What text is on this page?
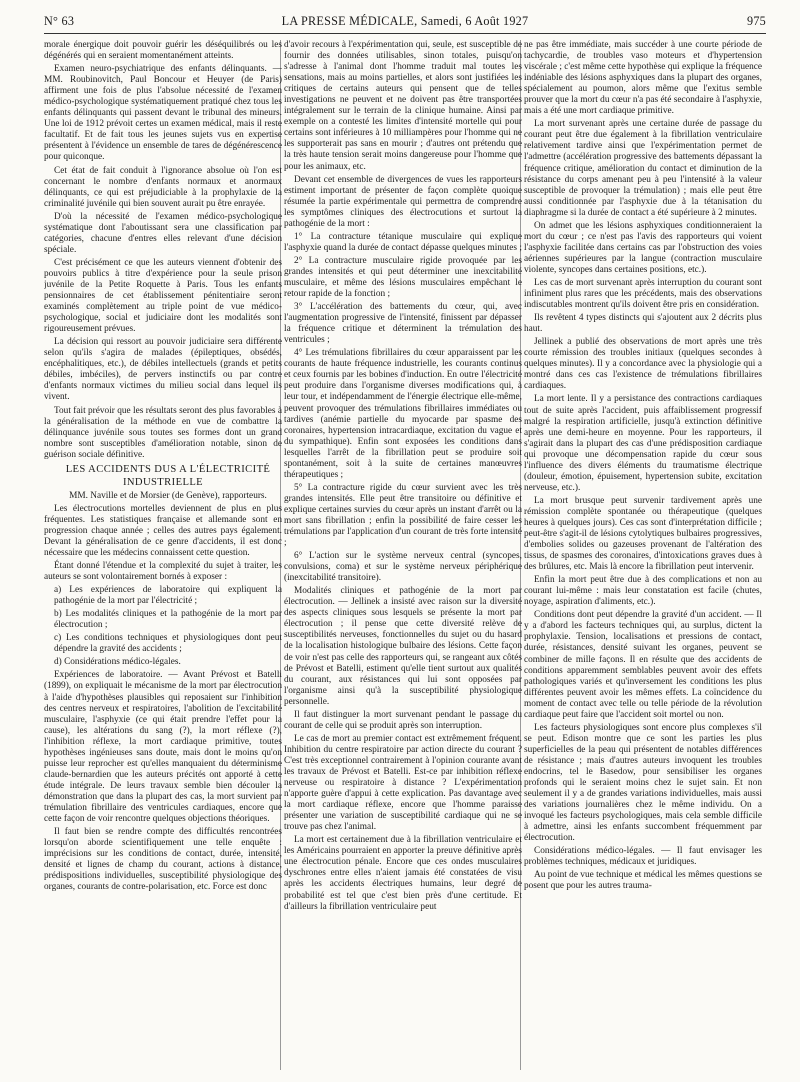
N° 63	LA PRESSE MÉDICALE, Samedi, 6 Août 1927	975

morale énergique doit pouvoir guérir les déséquilibrés ou les dégénérés qui en seraient momentanément atteints.

Examen neuro-psychiatrique des enfants délinquants. — MM. Roubinovitch, Paul Boncour et Heuyer (de Paris) affirment une fois de plus l'absolue nécessité de l'examen médico-psychologique systématiquement pratiqué chez tous les enfants délinquants qui passent devant le tribunal des mineurs. Une loi de 1912 prévoit certes un examen médical, mais il reste facultatif. Et de fait tous les jeunes sujets vus en expertise présentent à l'évidence un ensemble de tares de dégénérescence pour quiconque.

Cet état de fait conduit à l'ignorance absolue où l'on est concernant le nombre d'enfants normaux et anormaux délinquants, ce qui est préjudiciable à la prophylaxie de la criminalité juvénile qui bien souvent aurait pu être enrayée.

D'où la nécessité de l'examen médico-psychologique systématique dont l'aboutissant sera une classification par catégories, chacune d'entres elles relevant d'une décision spéciale.

C'est précisément ce que les auteurs viennent d'obtenir des pouvoirs publics à titre d'expérience pour la seule prison juvénile de la Petite Roquette à Paris. Tous les enfants pensionnaires de cet établissement pénitentiaire seront examinés complètement au triple point de vue médico-psychologique, social et judiciaire dont les modalités sont rigoureusement prévues.

La décision qui ressort au pouvoir judiciaire sera différente selon qu'ils s'agira de malades (épileptiques, obsédés, encéphalitiques, etc.), de débiles intellectuels (grands et petits débiles, imbéciles), de pervers instinctifs ou par contre d'enfants normaux victimes du milieu social dans lequel ils vivent.

Tout fait prévoir que les résultats seront des plus favorables à la généralisation de la méthode en vue de combattre la délinquance juvénile sous toutes ses formes dont un grand nombre sont susceptibles d'amélioration notable, sinon de guérison sociale définitive.

LES ACCIDENTS DUS A L'ÉLECTRICITÉ INDUSTRIELLE

MM. Naville et de Morsier (de Genève), rapporteurs.

Les électrocutions mortelles deviennent de plus en plus fréquentes. Les statistiques française et allemande sont en progression chaque année ; celles des autres pays également. Devant la généralisation de ce genre d'accidents, il est donc nécessaire que les médecins connaissent cette question.

Étant donné l'étendue et la complexité du sujet à traiter, les auteurs se sont volontairement bornés à exposer :

a) Les expériences de laboratoire qui expliquent la pathogénie de la mort par l'électricité ;

b) Les modalités cliniques et la pathogénie de la mort par électrocution ;

c) Les conditions techniques et physiologiques dont peut dépendre la gravité des accidents ;

d) Considérations médico-légales.

Expériences de laboratoire. — Avant Prévost et Batelli (1899), on expliquait le mécanisme de la mort par électrocution à l'aide d'hypothèses plausibles qui reposaient sur l'inhibition des centres nerveux et respiratoires, l'abolition de l'excitabilité musculaire, l'asphyxie (ce qui était prendre l'effet pour la cause), les altérations du sang (?), la mort réflexe (?), l'inhibition réflexe, la mort cardiaque primitive, toutes hypothèses ingénieuses sans doute, mais dont le moins qu'on puisse leur reprocher est qu'elles manquaient du déterminisme claude-bernardien que les auteurs précités ont apporté à cette étude intégrale. De leurs travaux semble bien découler la démonstration que dans la plupart des cas, la mort survient par trémulation fibrillaire des ventricules cardiaques, encore que cette façon de voir rencontre quelques objections théoriques.

Il faut bien se rendre compte des difficultés rencontrées lorsqu'on aborde scientifiquement une telle enquête : imprécisions sur les conditions de contact, durée, intensité, densité et lignes de champ du courant, actions à distance, prédispositions individuelles, susceptibilité physiologique des organes, courants de contre-polarisation, etc. Force est donc

d'avoir recours à l'expérimentation qui, seule, est susceptible de fournir des données utilisables, sinon totales, puisqu'on s'adresse à l'animal dont l'homme traduit mal toutes les sensations, mais au moins partielles, et alors sont justifiées les critiques de certains auteurs qui pensent que de telles investigations ne peuvent et ne doivent pas être transportées intégralement sur le terrain de la clinique humaine. Ainsi par exemple on a contesté les limites d'intensité mortelle qui pour certains sont inférieures à 10 milliampères pour l'homme qui ne les supporterait pas sans en mourir ; d'autres ont prétendu que la très haute tension serait moins dangereuse pour l'homme que pour les animaux, etc.

Devant cet ensemble de divergences de vues les rapporteurs estiment important de présenter de façon complète quoique résumée la partie expérimentale qui permettra de comprendre les symptômes cliniques des électrocutions et surtout la pathogénie de la mort :

1° La contracture tétanique musculaire qui explique l'asphyxie quand la durée de contact dépasse quelques minutes ;

2° La contracture musculaire rigide provoquée par les grandes intensités et qui peut déterminer une inexcitabilité musculaire, et même des lésions musculaires empêchant le retour rapide de la fonction ;

3° L'accélération des battements du cœur, qui, avec l'augmentation progressive de l'intensité, finissent par dépasser la fréquence critique et déterminent la trémulation des ventricules ;

4° Les trémulations fibrillaires du cœur apparaissent par les courants de haute fréquence industrielle, les courants continus et ceux fournis par les bobines d'induction. En outre l'électricité peut produire dans l'organisme diverses modifications qui, à leur tour, et indépendamment de l'énergie électrique elle-même, peuvent provoquer des trémulations fibrillaires immédiates ou tardives (anémie partielle du myocarde par spasme des coronaires, hypertension intracardiaque, excitation du vague et du sympathique). Enfin sont exposées les conditions dans lesquelles l'arrêt de la fibrillation peut se produire soit spontanément, soit à la suite de certaines manœuvres thérapeutiques ;

5° La contracture rigide du cœur survient avec les très grandes intensités. Elle peut être transitoire ou définitive et explique certaines survies du cœur après un instant d'arrêt ou la mort sans fibrillation ; enfin la possibilité de faire cesser les trémulations par l'application d'un courant de très forte intensité ;

6° L'action sur le système nerveux central (syncopes, convulsions, coma) et sur le système nerveux périphérique (inexcitabilité transitoire).

Modalités cliniques et pathogénie de la mort par électrocution. — Jellinek a insisté avec raison sur la diversité des aspects cliniques sous lesquels se présente la mort par électrocution ; il pense que cette diversité relève de susceptibilités nerveuses, fonctionnelles du sujet ou du hasard de la localisation histologique bulbaire des lésions. Cette façon de voir n'est pas celle des rapporteurs qui, se rangeant aux côtés de Prévost et Batelli, estiment qu'elle tient surtout aux qualités du courant, aux résistances qui lui sont opposées par l'organisme ainsi qu'à la susceptibilité physiologique personnelle.

Il faut distinguer la mort survenant pendant le passage du courant de celle qui se produit après son interruption.

Le cas de mort au premier contact est extrêmement fréquent. Inhibition du centre respiratoire par action directe du courant ? C'est très exceptionnel contrairement à l'opinion courante avant les travaux de Prévost et Batelli. Est-ce par inhibition réflexe nerveuse ou respiratoire à distance ? L'expérimentation n'apporte guère d'appui à cette explication. Pas davantage avec la mort cardiaque réflexe, encore que l'homme paraisse présenter une variation de susceptibilité cardiaque qui ne se trouve pas chez l'animal.

La mort est certainement due à la fibrillation ventriculaire et les Américains pourraient en apporter la preuve définitive après une électrocution pénale. Encore que ces ondes musculaires dyschrones entre elles n'aient jamais été constatées de visu après les accidents électriques humains, leur degré de probabilité est tel que c'est bien près d'une certitude. Et d'ailleurs la fibrillation ventriculaire peut

ne pas être immédiate, mais succéder à une courte période de tachycardie, de troubles vaso moteurs et d'hypertension viscérale ; c'est même cette hypothèse qui explique la fréquence indéniable des lésions asphyxiques dans la plupart des organes, spécialement au poumon, alors même que l'exitus semble prouver que la mort du cœur n'a pas été secondaire à l'asphyxie, mais a été une mort cardiaque primitive.

La mort survenant après une certaine durée de passage du courant peut être due également à la fibrillation ventriculaire relativement tardive ainsi que l'expérimentation permet de l'admettre (accélération progressive des battements dépassant la fréquence critique, amélioration du contact et diminution de la résistance du corps amenant peu à peu l'intensité à la valeur susceptible de provoquer la trémulation) ; mais elle peut être aussi conditionnée par l'asphyxie due à la tétanisation du diaphragme si la durée de contact a été supérieure à 2 minutes.

On admet que les lésions asphyxiques conditionneraient la mort du cœur ; ce n'est pas l'avis des rapporteurs qui voient l'asphyxie facilitée dans certains cas par l'obstruction des voies aériennes supérieures par la langue (contraction musculaire violente, syncopes dans certaines positions, etc.).

Les cas de mort survenant après interruption du courant sont infiniment plus rares que les précédents, mais des observations indiscutables montrent qu'ils doivent être pris en considération.

Ils revêtent 4 types distincts qui s'ajoutent aux 2 décrits plus haut.

Jellinek a publié des observations de mort après une très courte rémission des troubles initiaux (quelques secondes à quelques minutes). Il y a concordance avec la physiologie qui a montré dans ces cas l'existence de trémulations fibrillaires cardiaques.

La mort lente. Il y a persistance des contractions cardiaques tout de suite après l'accident, puis affaiblissement progressif malgré la respiration artificielle, jusqu'à extinction définitive après une demi-heure en moyenne. Pour les rapporteurs, il s'agirait dans la plupart des cas d'une prédisposition cardiaque qui provoque une décompensation rapide du cœur sous l'influence des divers éléments du traumatisme électrique (douleur, émotion, épuisement, hypertension subite, excitation nerveuse, etc.).

La mort brusque peut survenir tardivement après une rémission complète spontanée ou thérapeutique (quelques heures à quelques jours). Ces cas sont d'interprétation difficile ; peut-être s'agit-il de lésions cytolytiques bulbaires progressives, d'embolies solides ou gazeuses provenant de l'altération des tissus, de spasmes des coronaires, d'intoxications graves dues à des brûlures, etc. Mais là encore la fibrillation peut intervenir.

Enfin la mort peut être due à des complications et non au courant lui-même : mais leur constatation est facile (chutes, noyage, aspiration d'aliments, etc.).

Conditions dont peut dépendre la gravité d'un accident. — Il y a d'abord les facteurs techniques qui, au surplus, dictent la prophylaxie. Tension, localisations et pressions de contact, durée, résistances, densité suivant les organes, peuvent se combiner de mille façons. Il en résulte que des accidents de conditions apparemment semblables peuvent avoir des effets pathologiques variés et qu'inversement les conditions les plus différentes peuvent avoir les mêmes effets. La coïncidence du moment de contact avec telle ou telle période de la révolution cardiaque peut faire que l'accident soit mortel ou non.

Les facteurs physiologiques sont encore plus complexes s'il se peut. Edison montre que ce sont les parties les plus superficielles de la peau qui présentent de notables différences de résistance ; mais d'autres auteurs invoquent les troubles endocrins, tel le Basedow, pour sensibiliser les organes profonds qui le seraient moins chez le sujet sain. Et non seulement il y a de grandes variations individuelles, mais aussi des variations journalières chez le même individu. On a invoqué les facteurs psychologiques, mais cela semble difficile à admettre, ainsi les enfants succombent fréquemment par électrocution.

Considérations médico-légales. — Il faut envisager les problèmes techniques, médicaux et juridiques.

Au point de vue technique et médical les mêmes questions se posent que pour les autres trauma-
